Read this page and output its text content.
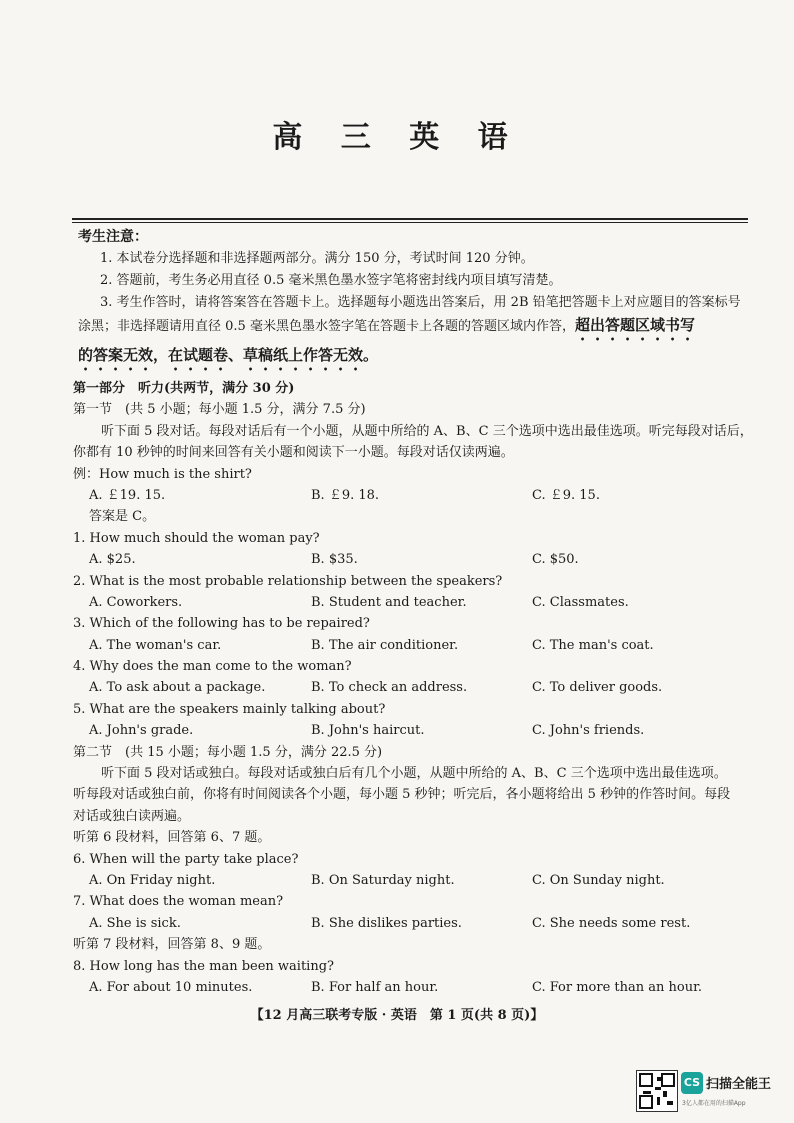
高 三 英 语
考生注意：

1. 本试卷分选择题和非选择题两部分。满分 150 分，考试时间 120 分钟。

2. 答题前，考生务必用直径 0.5 毫米黑色墨水签字笔将密封线内项目填写清楚。

3. 考生作答时，请将答案答在答题卡上。选择题每小题选出答案后，用 2B 铅笔把答题卡上对应题目的答案标号

涂黑；非选择题请用直径 0.5 毫米黑色墨水签字笔在答题卡上各题的答题区域内作答，超出答题区域书写
的答案无效，在试题卷、草稿纸上作答无效。
第一部分　听力(共两节，满分 30 分)
第一节　(共 5 小题；每小题 1.5 分，满分 7.5 分)
听下面 5 段对话。每段对话后有一个小题，从题中所给的 A、B、C 三个选项中选出最佳选项。听完每段对话后，
你都有 10 秒钟的时间来回答有关小题和阅读下一小题。每段对话仅读两遍。
例：How much is the shirt?
A. ￡19. 15.	B. ￡9. 18.	C. ￡9. 15.
答案是 C。
1. How much should the woman pay?
A. $25.	B. $35.	C. $50.
2. What is the most probable relationship between the speakers?
A. Coworkers.	B. Student and teacher.	C. Classmates.
3. Which of the following has to be repaired?
A. The woman's car.	B. The air conditioner.	C. The man's coat.
4. Why does the man come to the woman?
A. To ask about a package.	B. To check an address.	C. To deliver goods.
5. What are the speakers mainly talking about?
A. John's grade.	B. John's haircut.	C. John's friends.
第二节　(共 15 小题；每小题 1.5 分，满分 22.5 分)
听下面 5 段对话或独白。每段对话或独白后有几个小题，从题中所给的 A、B、C 三个选项中选出最佳选项。
听每段对话或独白前，你将有时间阅读各个小题，每小题 5 秒钟；听完后，各小题将给出 5 秒钟的作答时间。每段
对话或独白读两遍。
听第 6 段材料，回答第 6、7 题。
6. When will the party take place?
A. On Friday night.	B. On Saturday night.	C. On Sunday night.
7. What does the woman mean?
A. She is sick.	B. She dislikes parties.	C. She needs some rest.
听第 7 段材料，回答第 8、9 题。
8. How long has the man been waiting?
A. For about 10 minutes.	B. For half an hour.	C. For more than an hour.
【12 月高三联考专版 · 英语　第 1 页(共 8 页)】
CS 扫描全能王
3亿人都在用的扫描App
